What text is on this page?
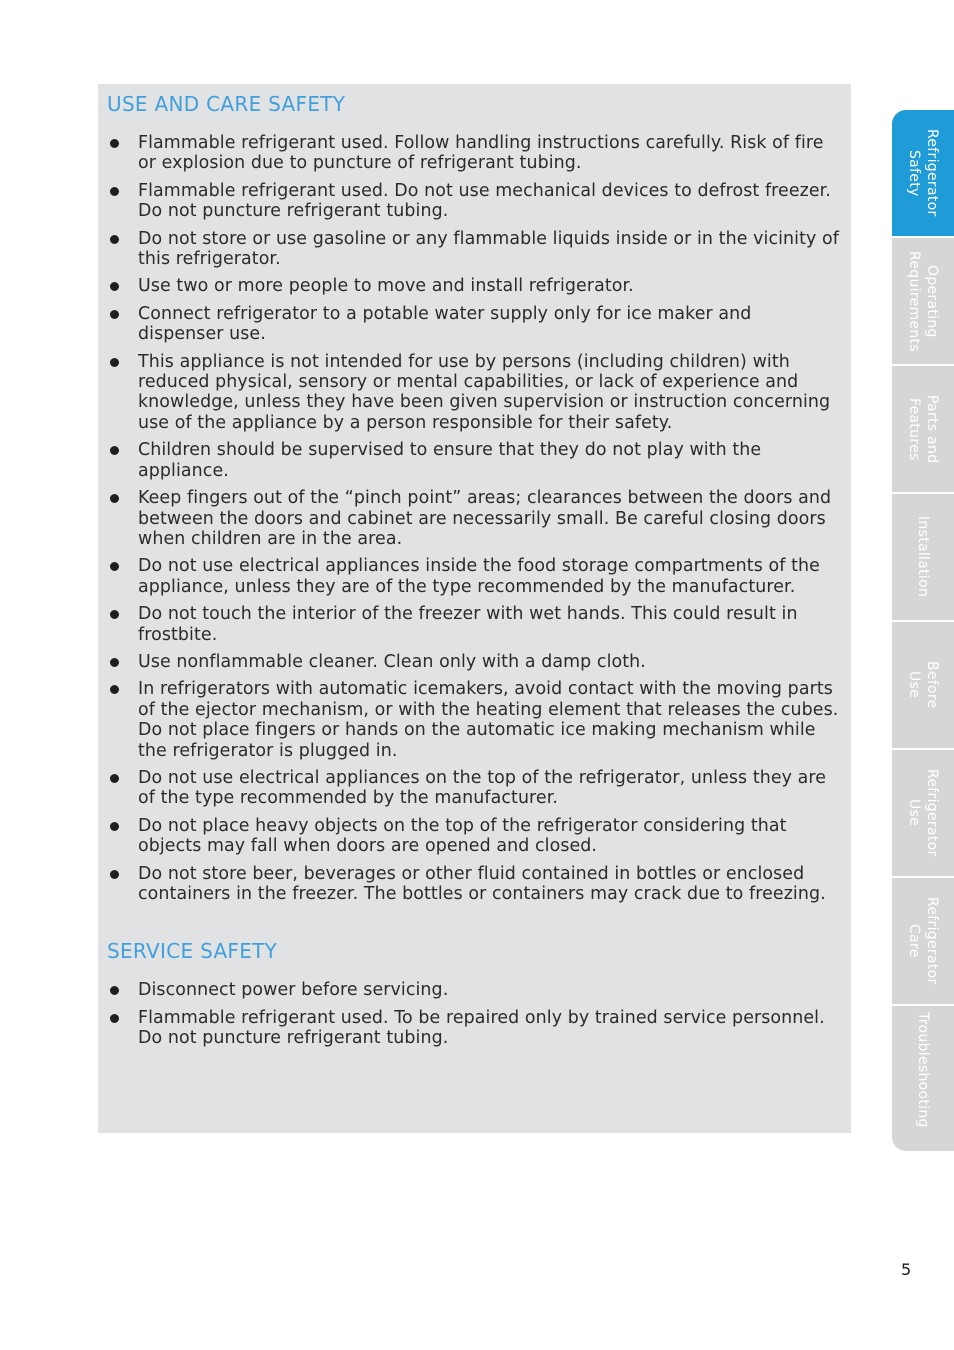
USE AND CARE SAFETY
Flammable refrigerant used. Follow handling instructions carefully. Risk of fire or explosion due to puncture of refrigerant tubing.
Flammable refrigerant used. Do not use mechanical devices to defrost freezer. Do not puncture refrigerant tubing.
Do not store or use gasoline or any flammable liquids inside or in the vicinity of this refrigerator.
Use two or more people to move and install refrigerator.
Connect refrigerator to a potable water supply only for ice maker and dispenser use.
This appliance is not intended for use by persons (including children) with reduced physical, sensory or mental capabilities, or lack of experience and knowledge, unless they have been given supervision or instruction concerning use of the appliance by a person responsible for their safety.
Children should be supervised to ensure that they do not play with the appliance.
Keep fingers out of the “pinch point” areas; clearances between the doors and between the doors and cabinet are necessarily small. Be careful closing doors when children are in the area.
Do not use electrical appliances inside the food storage compartments of the appliance, unless they are of the type recommended by the manufacturer.
Do not touch the interior of the freezer with wet hands. This could result in frostbite.
Use nonflammable cleaner. Clean only with a damp cloth.
In refrigerators with automatic icemakers, avoid contact with the moving parts of the ejector mechanism, or with the heating element that releases the cubes. Do not place fingers or hands on the automatic ice making mechanism while the refrigerator is plugged in.
Do not use electrical appliances on the top of the refrigerator, unless they are of the type recommended by the manufacturer.
Do not place heavy objects on the top of the refrigerator considering that objects may fall when doors are opened and closed.
Do not store beer, beverages or other fluid contained in bottles or enclosed containers in the freezer. The bottles or containers may crack due to freezing.
SERVICE SAFETY
Disconnect power before servicing.
Flammable refrigerant used. To be repaired only by trained service personnel. Do not puncture refrigerant tubing.
Refrigerator
Safety
Operating
Requirements
Parts and
Features
Installation
Before
Use
Refrigerator
Use
Refrigerator
Care
Troubleshooting
5
